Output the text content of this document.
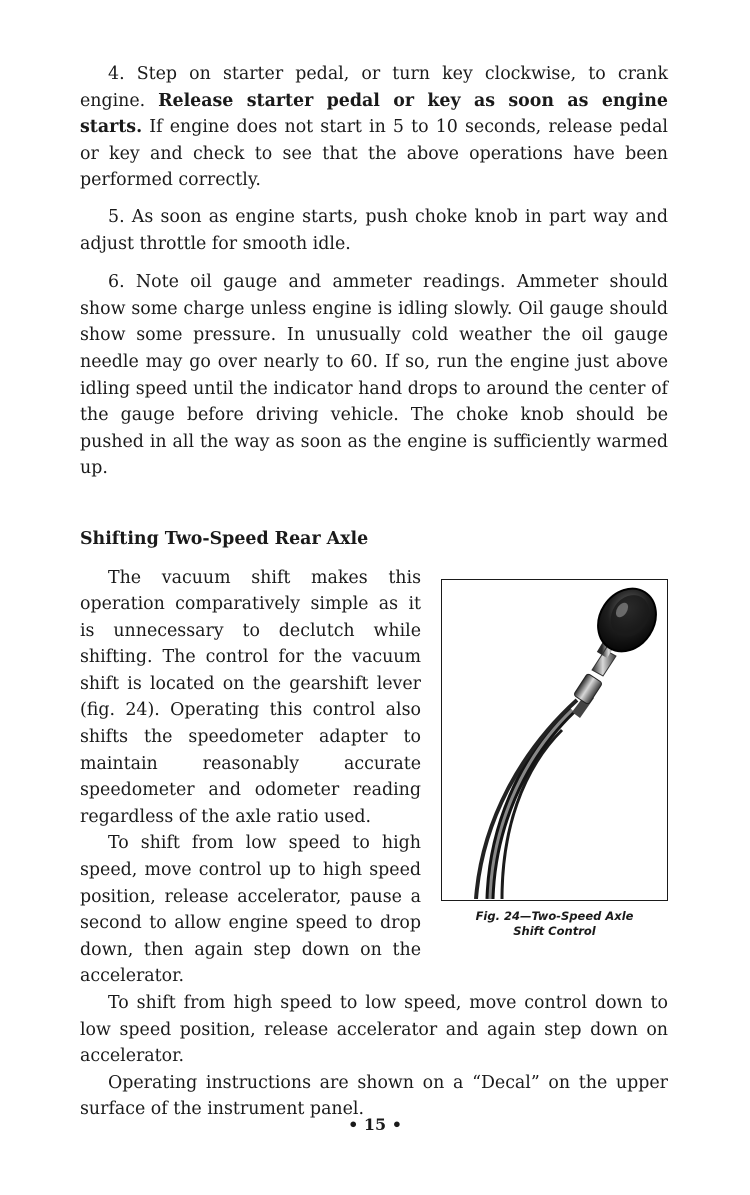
4. Step on starter pedal, or turn key clockwise, to crank engine. Release starter pedal or key as soon as engine starts. If engine does not start in 5 to 10 seconds, release pedal or key and check to see that the above operations have been performed correctly.

5. As soon as engine starts, push choke knob in part way and adjust throttle for smooth idle.

6. Note oil gauge and ammeter readings. Ammeter should show some charge unless engine is idling slowly. Oil gauge should show some pressure. In unusually cold weather the oil gauge needle may go over nearly to 60. If so, run the engine just above idling speed until the indicator hand drops to around the center of the gauge before driving vehicle. The choke knob should be pushed in all the way as soon as the engine is sufficiently warmed up.

Shifting Two-Speed Rear Axle
Fig. 24—Two-Speed Axle
Shift Control

The vacuum shift makes this operation comparatively simple as it is unnecessary to declutch while shifting. The control for the vacuum shift is located on the gearshift lever (fig. 24). Operating this control also shifts the speedometer adapter to maintain reasonably accurate speedometer and odometer reading regardless of the axle ratio used.

To shift from low speed to high speed, move control up to high speed position, release accelerator, pause a second to allow engine speed to drop down, then again step down on the accelerator.

To shift from high speed to low speed, move control down to low speed position, release accelerator and again step down on accelerator.

Operating instructions are shown on a “Decal” on the upper surface of the instrument panel.

• 15 •
